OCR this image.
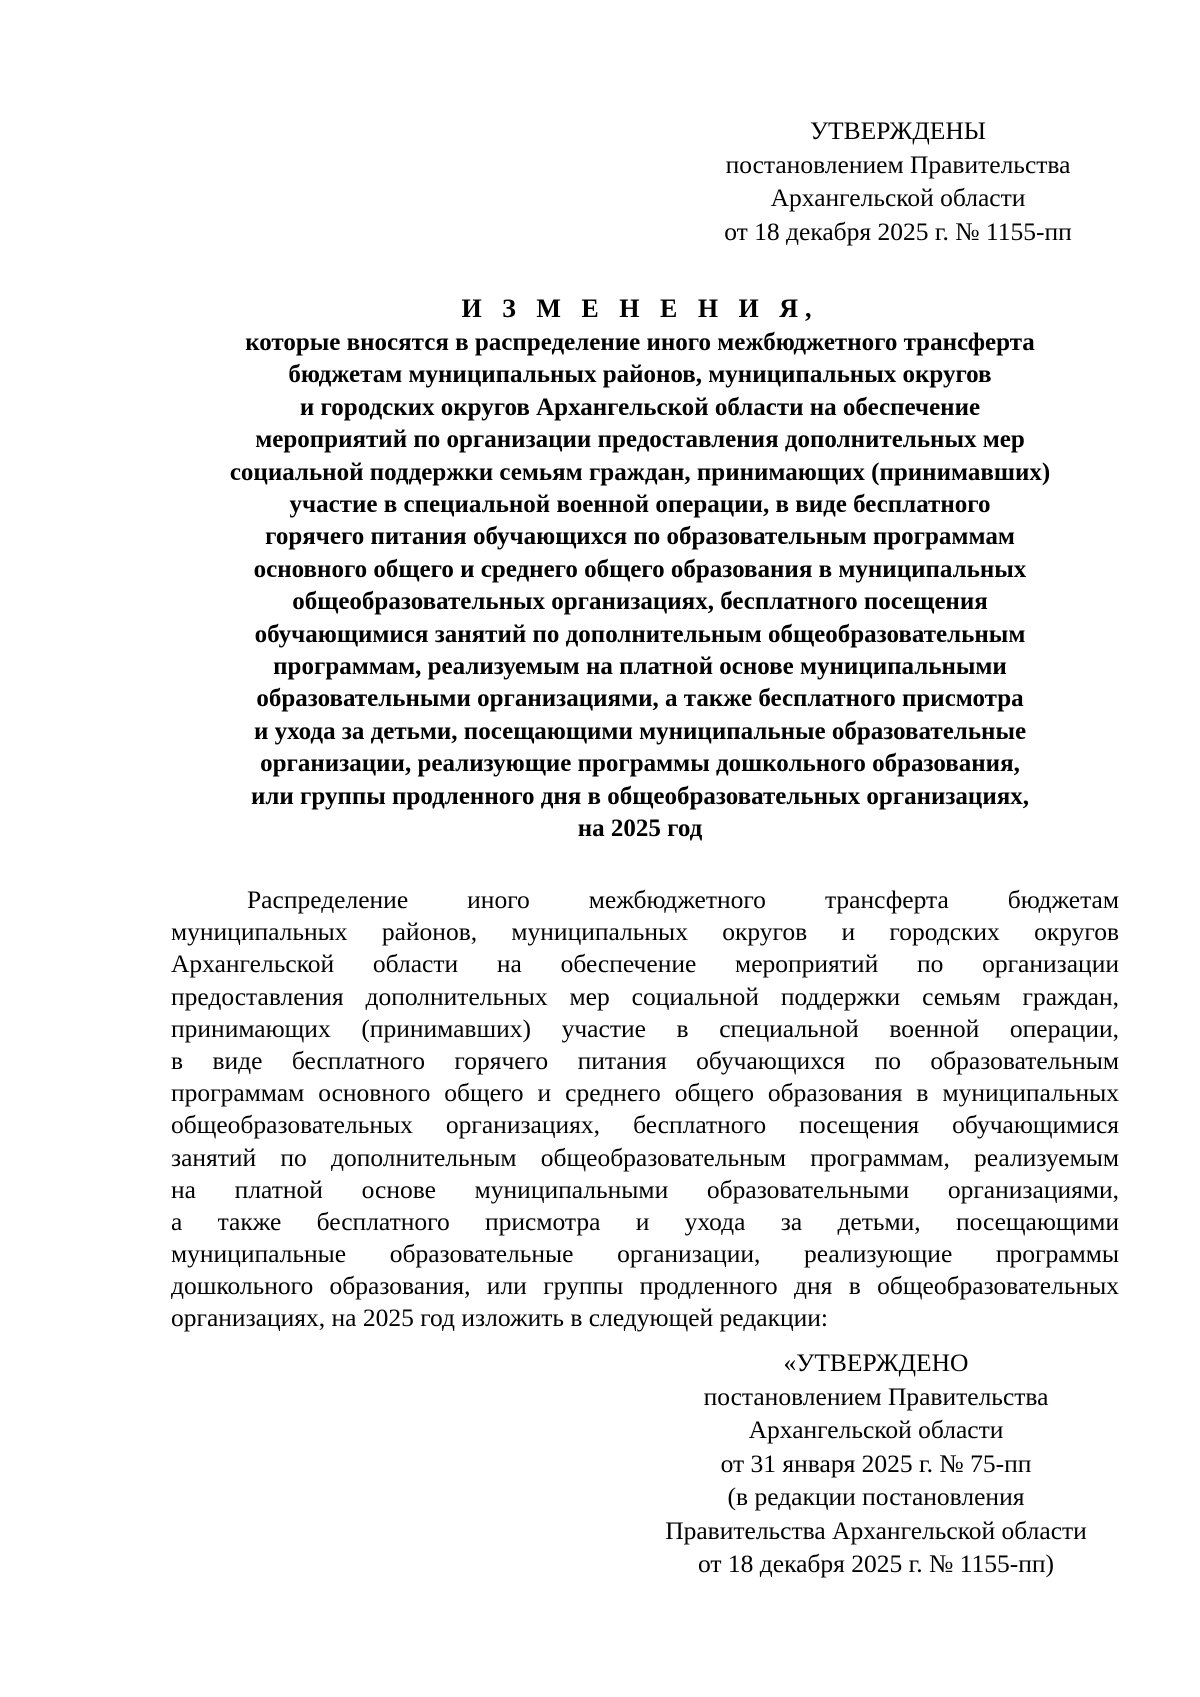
УТВЕРЖДЕНЫ
постановлением Правительства
Архангельской области
от 18 декабря 2025 г. № 1155-пп
И З М Е Н Е Н И Я,
которые вносятся в распределение иного межбюджетного трансферта
бюджетам муниципальных районов, муниципальных округов
и городских округов Архангельской области на обеспечение
мероприятий по организации предоставления дополнительных мер
социальной поддержки семьям граждан, принимающих (принимавших)
участие в специальной военной операции, в виде бесплатного
горячего питания обучающихся по образовательным программам
основного общего и среднего общего образования в муниципальных
общеобразовательных организациях, бесплатного посещения
обучающимися занятий по дополнительным общеобразовательным
программам, реализуемым на платной основе муниципальными
образовательными организациями, а также бесплатного присмотра
и ухода за детьми, посещающими муниципальные образовательные
организации, реализующие программы дошкольного образования,
или группы продленного дня в общеобразовательных организациях,
на 2025 год
Распределение иного межбюджетного трансферта бюджетам
муниципальных районов, муниципальных округов и городских округов
Архангельской области на обеспечение мероприятий по организации
предоставления дополнительных мер социальной поддержки семьям граждан,
принимающих (принимавших) участие в специальной военной операции,
в виде бесплатного горячего питания обучающихся по образовательным
программам основного общего и среднего общего образования в муниципальных
общеобразовательных организациях, бесплатного посещения обучающимися
занятий по дополнительным общеобразовательным программам, реализуемым
на платной основе муниципальными образовательными организациями,
а также бесплатного присмотра и ухода за детьми, посещающими
муниципальные образовательные организации, реализующие программы
дошкольного образования, или группы продленного дня в общеобразовательных
организациях, на 2025 год изложить в следующей редакции:
«УТВЕРЖДЕНО
постановлением Правительства
Архангельской области
от 31 января 2025 г. № 75-пп
(в редакции постановления
Правительства Архангельской области
от 18 декабря 2025 г. № 1155-пп)
